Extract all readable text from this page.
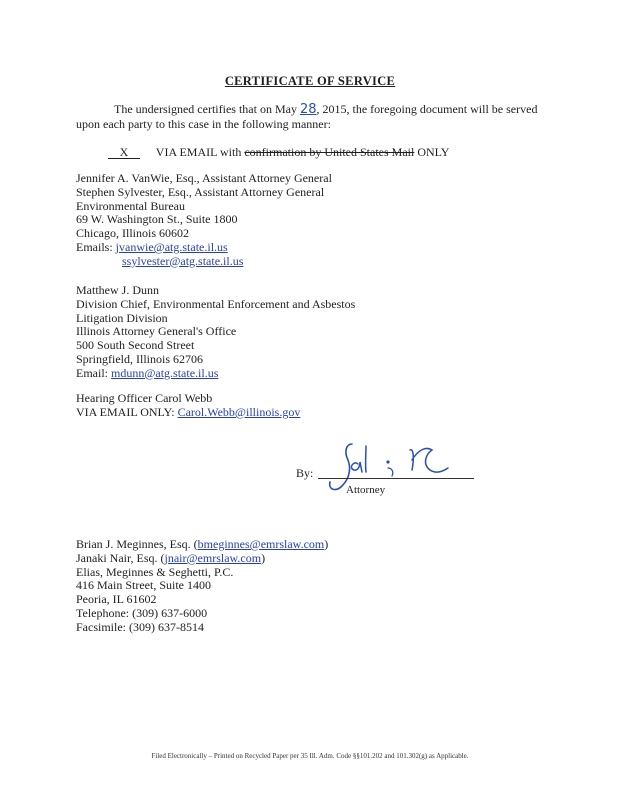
CERTIFICATE OF SERVICE
The undersigned certifies that on May 28, 2015, the foregoing document will be served
upon each party to this case in the following manner:
X VIA EMAIL with confirmation by United States Mail ONLY
Jennifer A. VanWie, Esq., Assistant Attorney General
Stephen Sylvester, Esq., Assistant Attorney General
Environmental Bureau
69 W. Washington St., Suite 1800
Chicago, Illinois 60602
Emails: jvanwie@atg.state.il.us
ssylvester@atg.state.il.us
Matthew J. Dunn
Division Chief, Environmental Enforcement and Asbestos
Litigation Division
Illinois Attorney General's Office
500 South Second Street
Springfield, Illinois 62706
Email: mdunn@atg.state.il.us
Hearing Officer Carol Webb
VIA EMAIL ONLY: Carol.Webb@illinois.gov
By:
Attorney
Brian J. Meginnes, Esq. (bmeginnes@emrslaw.com)
Janaki Nair, Esq. (jnair@emrslaw.com)
Elias, Meginnes & Seghetti, P.C.
416 Main Street, Suite 1400
Peoria, IL 61602
Telephone: (309) 637-6000
Facsimile: (309) 637-8514
Filed Electronically – Printed on Recycled Paper per 35 Ill. Adm. Code §§101.202 and 101.302(g) as Applicable.
